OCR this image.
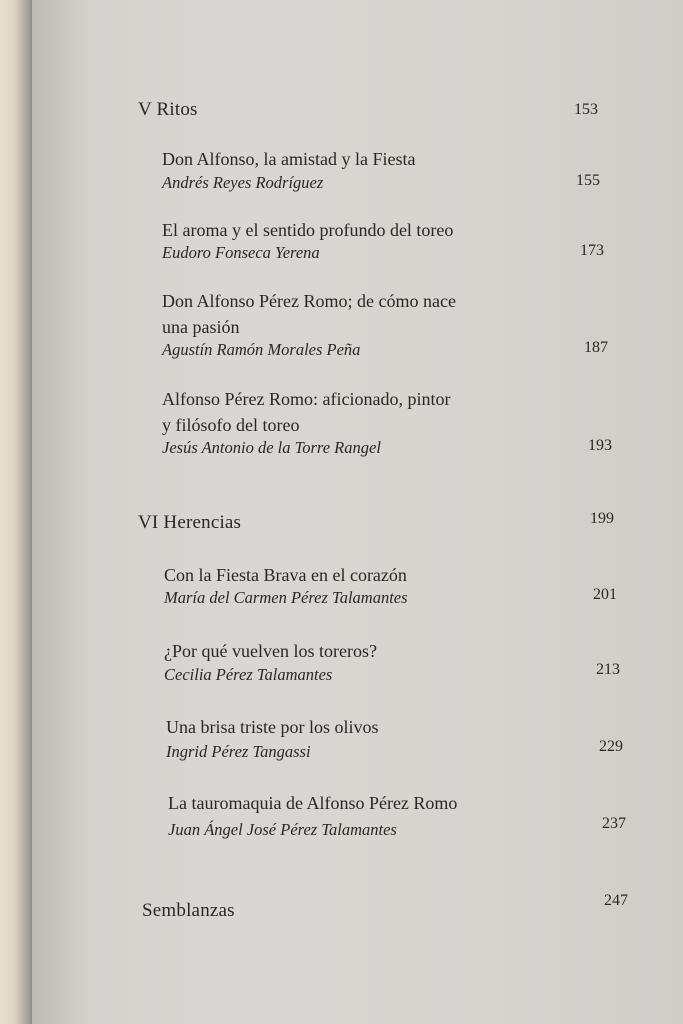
V Ritos	153
Don Alfonso, la amistad y la Fiesta
Andrés Reyes Rodríguez	155
El aroma y el sentido profundo del toreo
Eudoro Fonseca Yerena	173
Don Alfonso Pérez Romo; de cómo nace
una pasión
Agustín Ramón Morales Peña	187
Alfonso Pérez Romo: aficionado, pintor
y filósofo del toreo
Jesús Antonio de la Torre Rangel	193
VI Herencias	199
Con la Fiesta Brava en el corazón
María del Carmen Pérez Talamantes	201
¿Por qué vuelven los toreros?
Cecilia Pérez Talamantes	213
Una brisa triste por los olivos
Ingrid Pérez Tangassi	229
La tauromaquia de Alfonso Pérez Romo
Juan Ángel José Pérez Talamantes	237
Semblanzas	247
